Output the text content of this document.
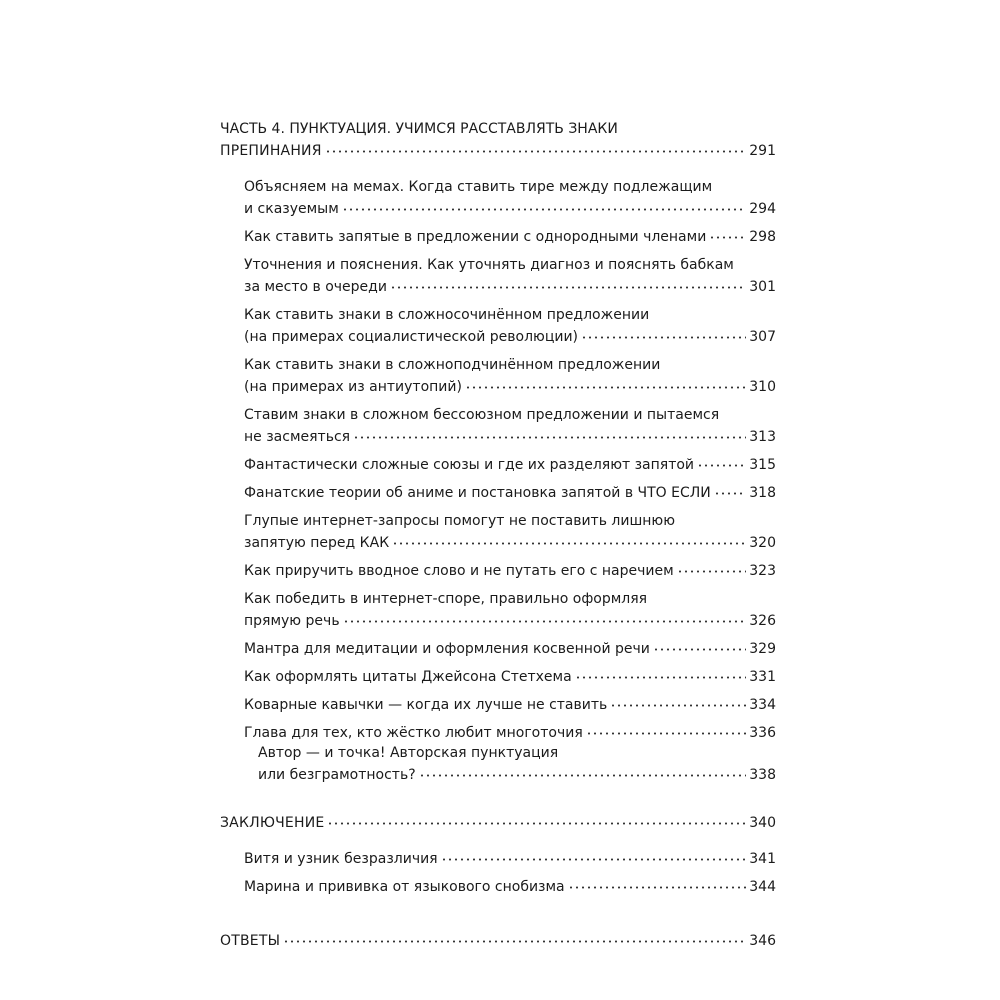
ЧАСТЬ 4. ПУНКТУАЦИЯ. УЧИМСЯ РАССТАВЛЯТЬ ЗНАКИ
ПРЕПИНАНИЯ	291
Объясняем на мемах. Когда ставить тире между подлежащим
и сказуемым	294
Как ставить запятые в предложении с однородными членами	298
Уточнения и пояснения. Как уточнять диагноз и пояснять бабкам
за место в очереди	301
Как ставить знаки в сложносочинённом предложении
(на примерах социалистической революции)	307
Как ставить знаки в сложноподчинённом предложении
(на примерах из антиутопий)	310
Ставим знаки в сложном бессоюзном предложении и пытаемся
не засмеяться	313
Фантастически сложные союзы и где их разделяют запятой	315
Фанатские теории об аниме и постановка запятой в ЧТО ЕСЛИ	318
Глупые интернет-запросы помогут не поставить лишнюю
запятую перед КАК	320
Как приручить вводное слово и не путать его с наречием	323
Как победить в интернет-споре, правильно оформляя
прямую речь	326
Мантра для медитации и оформления косвенной речи	329
Как оформлять цитаты Джейсона Стетхема	331
Коварные кавычки — когда их лучше не ставить	334
Глава для тех, кто жёстко любит многоточия	336
Автор — и точка! Авторская пунктуация
или безграмотность?	338
ЗАКЛЮЧЕНИЕ	340
Витя и узник безразличия	341
Марина и прививка от языкового снобизма	344
ОТВЕТЫ	346
